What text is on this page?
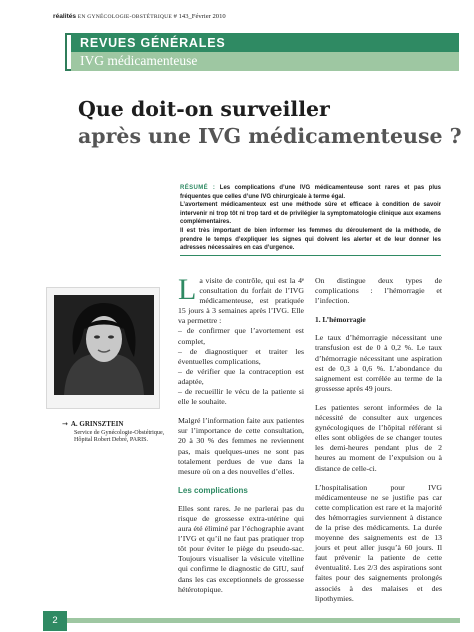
réalités EN GYNÉCOLOGIE-OBSTÉTRIQUE # 143_Février 2010
REVUES GÉNÉRALES
IVG médicamenteuse
Que doit-on surveiller
après une IVG médicamenteuse ?

RÉSUMÉ : Les complications d’une IVG médicamenteuse sont rares et pas plus fréquentes que celles d’une IVG chirurgicale à terme égal.

L’avortement médicamenteux est une méthode sûre et efficace à condition de savoir intervenir ni trop tôt ni trop tard et de privilégier la symptomatologie clinique aux examens complémentaires.

Il est très important de bien informer les femmes du déroulement de la méthode, de prendre le temps d’expliquer les signes qui doivent les alerter et de leur donner les adresses nécessaires en cas d’urgence.

→ A. GRINSZTEIN
Service de Gynécologie-Obstétrique,
Hôpital Robert Debré, PARIS.

La visite de contrôle, qui est la 4ᵉ consultation du forfait de l’IVG médicamenteuse, est pratiquée 15 jours à 3 semaines après l’IVG. Elle va permettre :
– de confirmer que l’avortement est complet,
– de diagnostiquer et traiter les éventuelles complications,
– de vérifier que la contraception est adaptée,
– de recueillir le vécu de la patiente si elle le souhaite.

Malgré l’information faite aux patientes sur l’importance de cette consultation, 20 à 30 % des femmes ne reviennent pas, mais quelques-unes ne sont pas totalement perdues de vue dans la mesure où on a des nouvelles d’elles.

Les complications

Elles sont rares. Je ne parlerai pas du risque de grossesse extra-utérine qui aura été éliminé par l’échographie avant l’IVG et qu’il ne faut pas pratiquer trop tôt pour éviter le piège du pseudo-sac. Toujours visualiser la vésicule vitelline qui confirme le diagnostic de GIU, sauf dans les cas exceptionnels de grossesse hétérotopique.

On distingue deux types de complications : l’hémorragie et l’infection.

1. L’hémorragie

Le taux d’hémorragie nécessitant une transfusion est de 0 à 0,2 %. Le taux d’hémorragie nécessitant une aspiration est de 0,3 à 0,6 %. L’abondance du saignement est corrélée au terme de la grossesse après 49 jours.

Les patientes seront informées de la nécessité de consulter aux urgences gynécologiques de l’hôpital référant si elles sont obligées de se changer toutes les demi-heures pendant plus de 2 heures au moment de l’expulsion ou à distance de celle-ci.

L’hospitalisation pour IVG médicamenteuse ne se justifie pas car cette complication est rare et la majorité des hémorragies surviennent à distance de la prise des médicaments. La durée moyenne des saignements est de 13 jours et peut aller jusqu’à 60 jours. Il faut prévenir la patiente de cette éventualité. Les 2/3 des aspirations sont faites pour des saignements prolongés associés à des malaises et des lipothymies.

2
